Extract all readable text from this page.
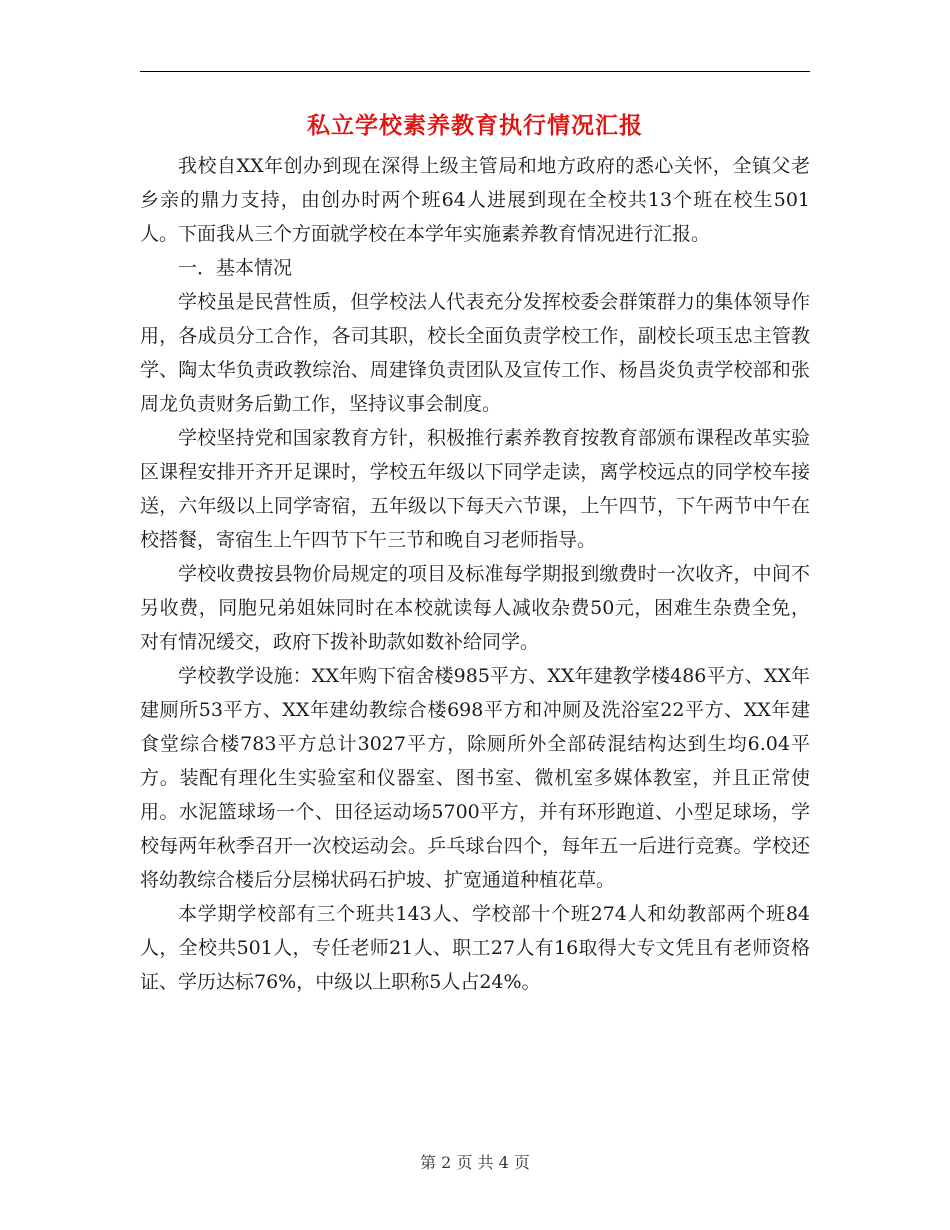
私立学校素养教育执行情况汇报

我校自XX年创办到现在深得上级主管局和地方政府的悉心关怀，全镇父老乡亲的鼎力支持，由创办时两个班64人进展到现在全校共13个班在校生501人。下面我从三个方面就学校在本学年实施素养教育情况进行汇报。

一．基本情况

学校虽是民营性质，但学校法人代表充分发挥校委会群策群力的集体领导作用，各成员分工合作，各司其职，校长全面负责学校工作，副校长项玉忠主管教学、陶太华负责政教综治、周建锋负责团队及宣传工作、杨昌炎负责学校部和张周龙负责财务后勤工作，坚持议事会制度。

学校坚持党和国家教育方针，积极推行素养教育按教育部颁布课程改革实验区课程安排开齐开足课时，学校五年级以下同学走读，离学校远点的同学校车接送，六年级以上同学寄宿，五年级以下每天六节课，上午四节，下午两节中午在校搭餐，寄宿生上午四节下午三节和晚自习老师指导。

学校收费按县物价局规定的项目及标准每学期报到缴费时一次收齐，中间不另收费，同胞兄弟姐妹同时在本校就读每人减收杂费50元，困难生杂费全免，对有情况缓交，政府下拨补助款如数补给同学。

学校教学设施：XX年购下宿舍楼985平方、XX年建教学楼486平方、XX年建厕所53平方、XX年建幼教综合楼698平方和冲厕及洗浴室22平方、XX年建食堂综合楼783平方总计3027平方，除厕所外全部砖混结构达到生均6.04平方。装配有理化生实验室和仪器室、图书室、微机室多媒体教室，并且正常使用。水泥篮球场一个、田径运动场5700平方，并有环形跑道、小型足球场，学校每两年秋季召开一次校运动会。乒乓球台四个，每年五一后进行竞赛。学校还将幼教综合楼后分层梯状码石护坡、扩宽通道种植花草。

本学期学校部有三个班共143人、学校部十个班274人和幼教部两个班84人，全校共501人，专任老师21人、职工27人有16取得大专文凭且有老师资格证、学历达标76%，中级以上职称5人占24%。

第 2 页 共 4 页
